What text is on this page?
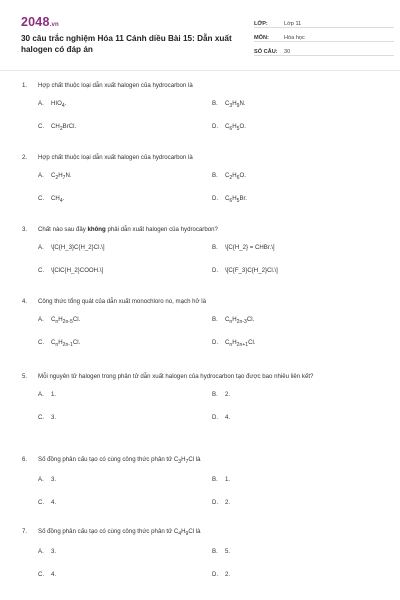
2048.vn
30 câu trắc nghiệm Hóa 11 Cánh diều Bài 15: Dẫn xuất halogen có đáp án
LỚP:	Lớp 11
MÔN:	Hóa học
SỐ CÂU:	30
1.	Hợp chất thuộc loại dẫn xuất halogen của hydrocarbon là
A.	$HIO_4$.	B.	$C_3H_9N$.
C.	$CH_2BrCl$.	D.	$C_6H_5O$.
2.	Hợp chất thuộc loại dẫn xuất halogen của hydrocarbon là
A.	$C_2H_7N$.	B.	$C_2H_6O$.
C.	$CH_4$.	D.	$C_6H_5Br$.
3.	Chất nào sau đây không phải dẫn xuất halogen của hydrocarbon?
A.	\[C{H_3}C{H_2}Cl.\]	B.	\[C{H_2} = CHBr.\]
C.	\[ClC{H_2}COOH.\]	D.	\[C{F_3}C{H_2}Cl.\]
4.	Công thức tổng quát của dẫn xuất monochloro no, mạch hở là
A.	$C_nH_{2n-5}Cl$.	B.	$C_nH_{2n-3}Cl$.
C.	$C_nH_{2n-1}Cl$.	D.	$C_nH_{2n+1}Cl$.
5.	Mỗi nguyên tử halogen trong phân tử dẫn xuất halogen của hydrocarbon tạo được bao nhiêu liên kết?
A.	1.	B.	2.
C.	3.	D.	4.
6.	Số đồng phân cấu tạo có cùng công thức phân tử $C_3H_7Cl$ là
A.	3.	B.	1.
C.	4.	D.	2.
7.	Số đồng phân cấu tạo có cùng công thức phân tử $C_4H_9Cl$ là
A.	3.	B.	5.
C.	4.	D.	2.
